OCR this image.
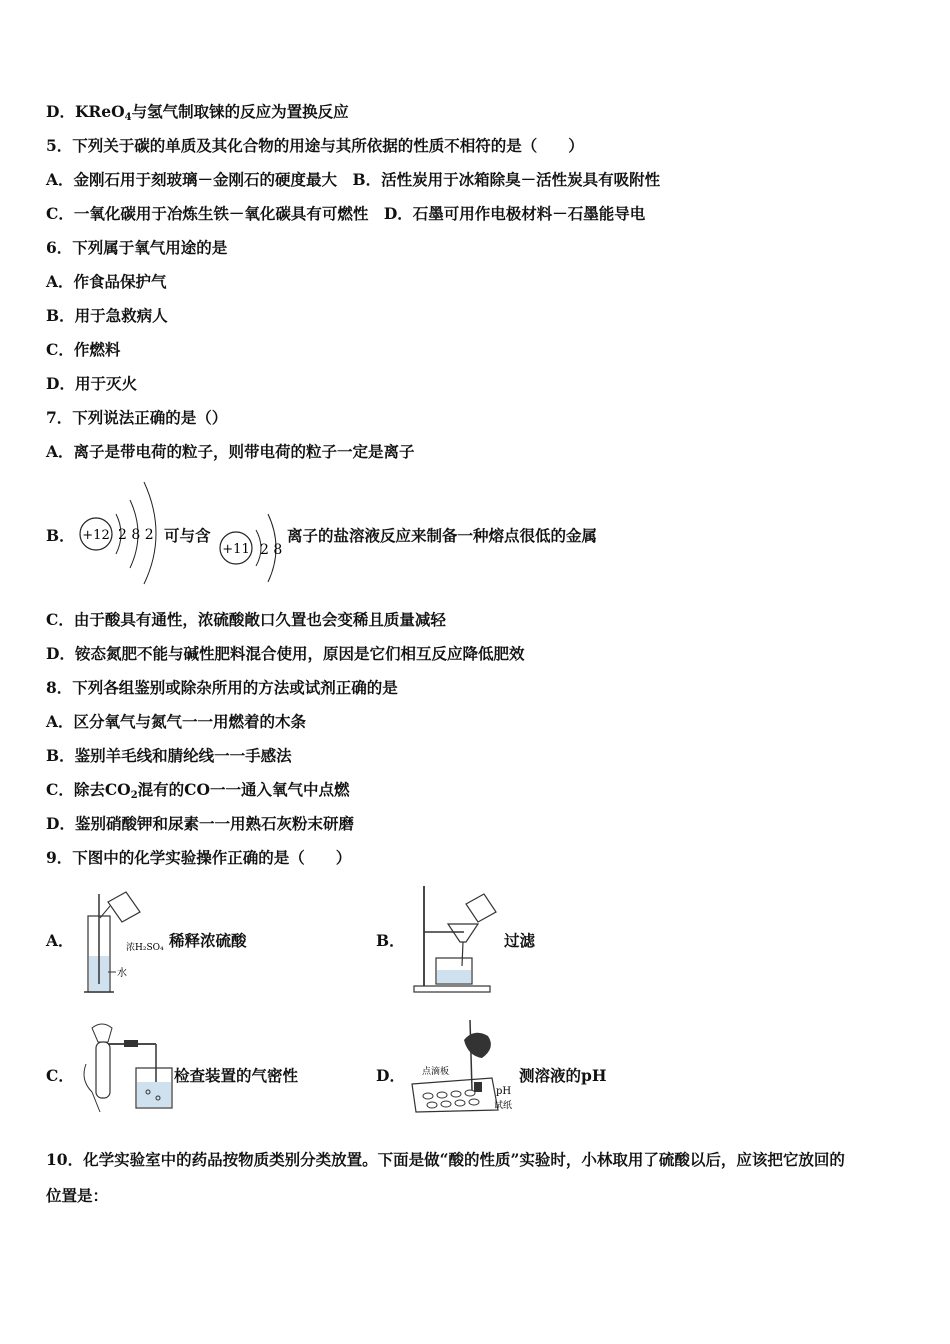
D．KReO$_4$与氢气制取铼的反应为置换反应
5．下列关于碳的单质及其化合物的用途与其所依据的性质不相符的是（　　）
A．金刚石用于刻玻璃－金刚石的硬度最大　B．活性炭用于冰箱除臭－活性炭具有吸附性
C．一氧化碳用于冶炼生铁－氧化碳具有可燃性　D．石墨可用作电极材料－石墨能导电
6．下列属于氧气用途的是
A．作食品保护气
B．用于急救病人
C．作燃料
D．用于灭火
7．下列说法正确的是（）
A．离子是带电荷的粒子，则带电荷的粒子一定是离子
B． +12 2 8 2 可与含
+11 2 8
离子的盐溶液反应来制备一种熔点很低的金属
C．由于酸具有通性，浓硫酸敞口久置也会变稀且质量减轻
D．铵态氮肥不能与碱性肥料混合使用，原因是它们相互反应降低肥效
8．下列各组鉴别或除杂所用的方法或试剂正确的是
A．区分氧气与氮气一一用燃着的木条
B．鉴别羊毛线和腈纶线一一手感法
C．除去$CO_2$混有的CO一一通入氧气中点燃
D．鉴别硝酸钾和尿素一一用熟石灰粉末研磨
9．下图中的化学实验操作正确的是（　　）
A．	浓H₂SO₄
水
稀释浓硫酸	B．	过滤
C．	检查装置的气密性	D． 点滴板
pH
试纸
测溶液的pH
10．化学实验室中的药品按物质类别分类放置。下面是做“酸的性质”实验时，小林取用了硫酸以后，应该把它放回的
位置是：
